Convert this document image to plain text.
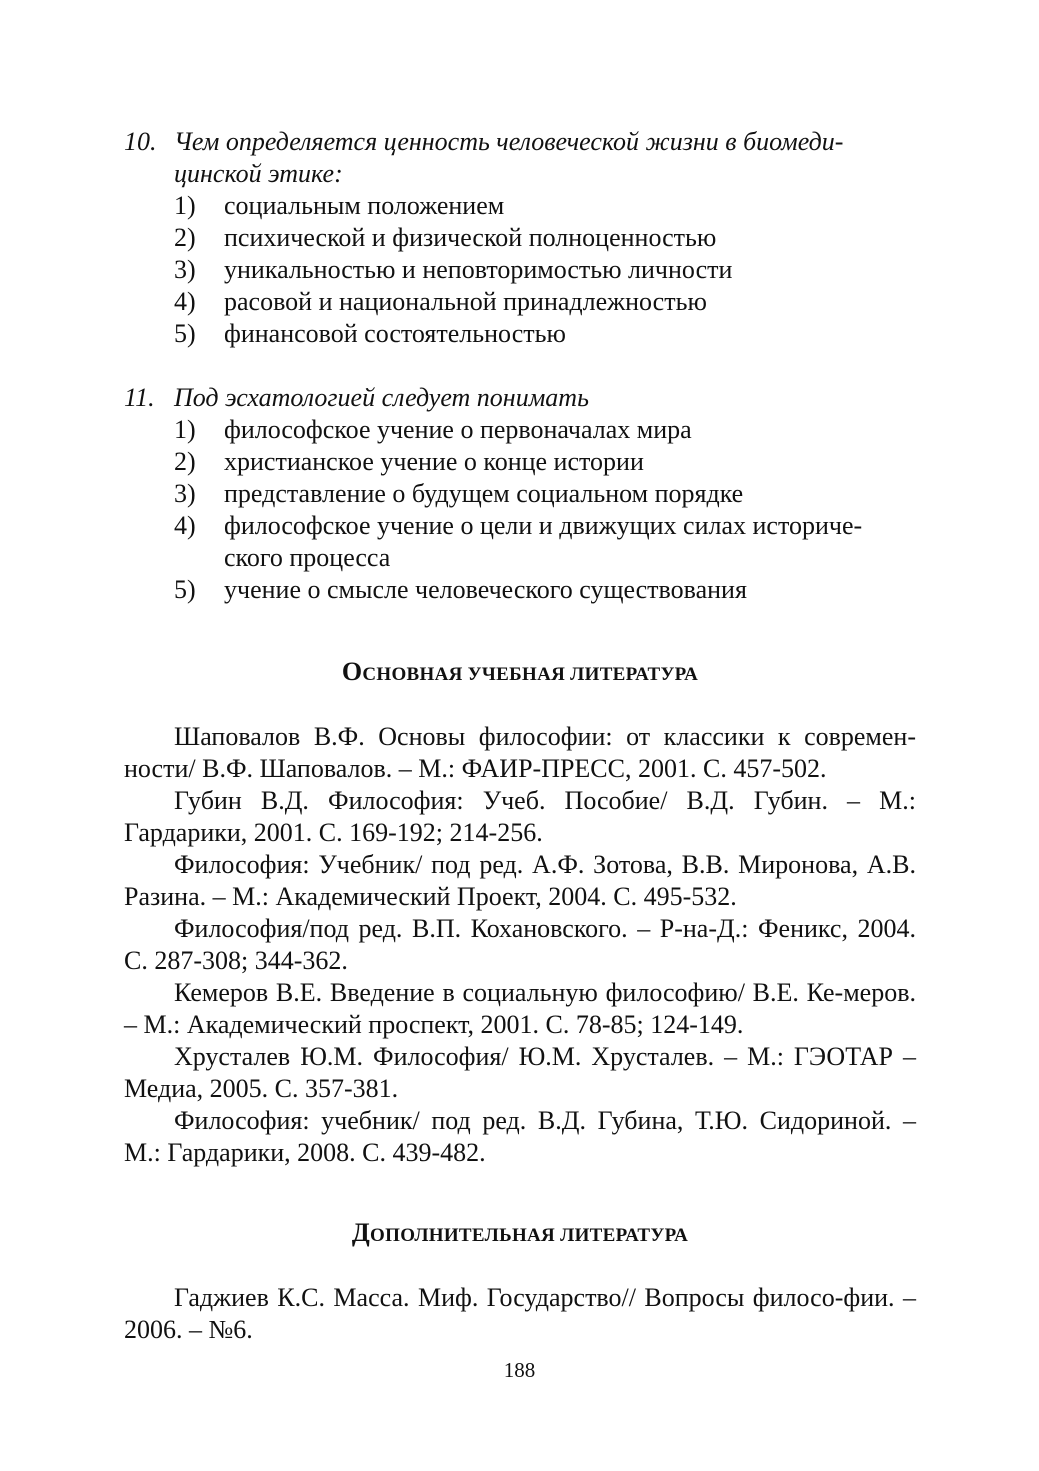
10. Чем определяется ценность человеческой жизни в биомеди-цинской этике:
1) социальным положением
2) психической и физической полноценностью
3) уникальностью и неповторимостью личности
4) расовой и национальной принадлежностью
5) финансовой состоятельностью
11. Под эсхатологией следует понимать
1) философское учение о первоначалах мира
2) христианское учение о конце истории
3) представление о будущем социальном порядке
4) философское учение о цели и движущих силах историче-ского процесса
5) учение о смысле человеческого существования
ОСНОВНАЯ УЧЕБНАЯ ЛИТЕРАТУРА

Шаповалов В.Ф. Основы философии: от классики к современ-ности/ В.Ф. Шаповалов. – М.: ФАИР-ПРЕСС, 2001. С. 457-502.

Губин В.Д. Философия: Учеб. Пособие/ В.Д. Губин. – М.: Гардарики, 2001. С. 169-192; 214-256.

Философия: Учебник/ под ред. А.Ф. Зотова, В.В. Миронова, А.В. Разина. – М.: Академический Проект, 2004. С. 495-532.

Философия/под ред. В.П. Кохановского. – Р-на-Д.: Феникс, 2004. С. 287-308; 344-362.

Кемеров В.Е. Введение в социальную философию/ В.Е. Ке-меров. – М.: Академический проспект, 2001. С. 78-85; 124-149.

Хрусталев Ю.М. Философия/ Ю.М. Хрусталев. – М.: ГЭОТАР – Медиа, 2005. С. 357-381.

Философия: учебник/ под ред. В.Д. Губина, Т.Ю. Сидориной. – М.: Гардарики, 2008. С. 439-482.

ДОПОЛНИТЕЛЬНАЯ ЛИТЕРАТУРА

Гаджиев К.С. Масса. Миф. Государство// Вопросы филосо-фии. – 2006. – №6.

188
